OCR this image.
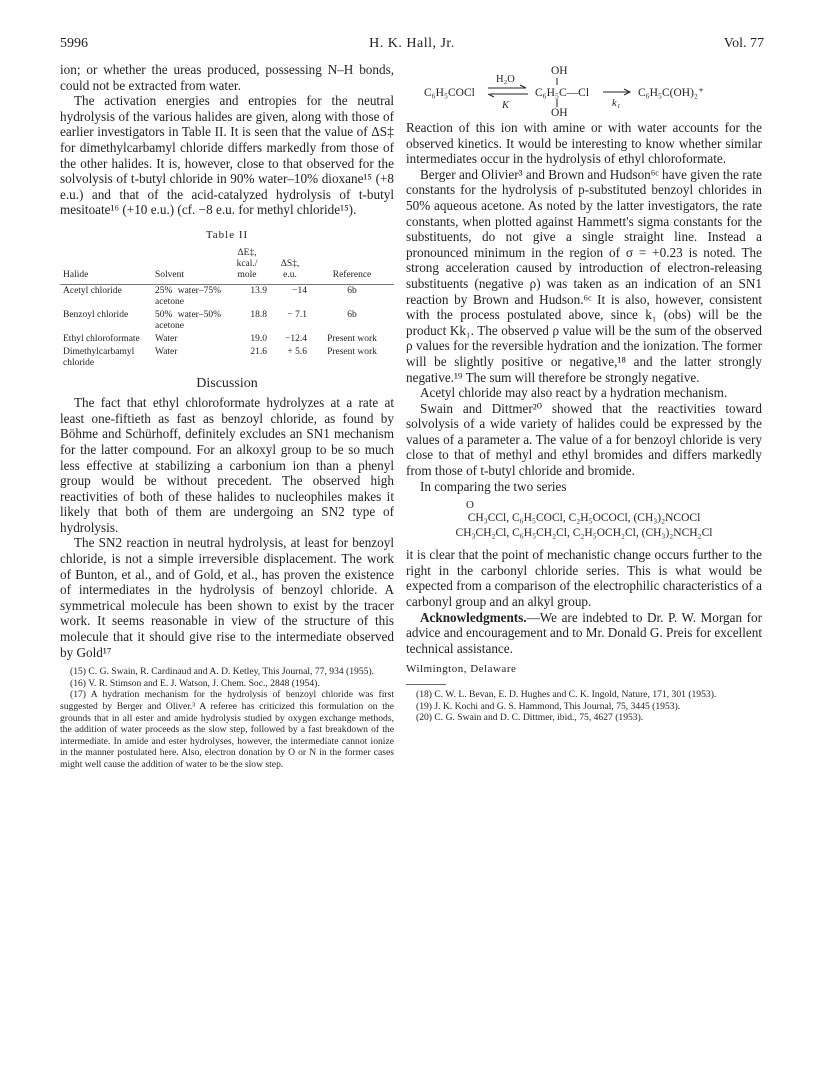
5996	H. K. Hall, Jr.	Vol. 77

ion; or whether the ureas produced, possessing N–H bonds, could not be extracted from water.

The activation energies and entropies for the neutral hydrolysis of the various halides are given, along with those of earlier investigators in Table II. It is seen that the value of ΔS‡ for dimethylcarbamyl chloride differs markedly from those of the other halides. It is, however, close to that observed for the solvolysis of t-butyl chloride in 90% water–10% dioxane¹⁵ (+8 e.u.) and that of the acid-catalyzed hydrolysis of t-butyl mesitoate¹⁶ (+10 e.u.) (cf. −8 e.u. for methyl chloride¹⁵).

Table II
Halide	Solvent	ΔE‡, kcal./ mole	ΔS‡, e.u.	Reference
Acetyl chloride	25% water–75% acetone	13.9	−14	6b
Benzoyl chloride	50% water–50% acetone	18.8	− 7.1	6b
Ethyl chloroformate	Water	19.0	−12.4	Present work
Dimethylcarbamyl chloride	Water	21.6	+ 5.6	Present work
Discussion

The fact that ethyl chloroformate hydrolyzes at a rate at least one-fiftieth as fast as benzoyl chloride, as found by Böhme and Schürhoff, definitely excludes an SN1 mechanism for the latter compound. For an alkoxyl group to be so much less effective at stabilizing a carbonium ion than a phenyl group would be without precedent. The observed high reactivities of both of these halides to nucleophiles makes it likely that both of them are undergoing an SN2 type of hydrolysis.

The SN2 reaction in neutral hydrolysis, at least for benzoyl chloride, is not a simple irreversible displacement. The work of Bunton, et al., and of Gold, et al., has proven the existence of intermediates in the hydrolysis of benzoyl chloride. A symmetrical molecule has been shown to exist by the tracer work. It seems reasonable in view of the structure of this molecule that it should give rise to the intermediate observed by Gold¹⁷

(15) C. G. Swain, R. Cardinaud and A. D. Ketley, This Journal, 77, 934 (1955).

(16) V. R. Stimson and E. J. Watson, J. Chem. Soc., 2848 (1954).

(17) A hydration mechanism for the hydrolysis of benzoyl chloride was first suggested by Berger and Oliver.³ A referee has criticized this formulation on the grounds that in all ester and amide hydrolysis studied by oxygen exchange methods, the addition of water proceeds as the slow step, followed by a fast breakdown of the intermediate. In amide and ester hydrolyses, however, the intermediate cannot ionize in the manner postulated here. Also, electron donation by O or N in the former cases might well cause the addition of water to be the slow step.

C₆H₅COCl
H₂O
K
OH
C₆H₅C—Cl
OH
k₁
C₆H₅C(OH)₂⁺

Reaction of this ion with amine or with water accounts for the observed kinetics. It would be interesting to know whether similar intermediates occur in the hydrolysis of ethyl chloroformate.

Berger and Olivier³ and Brown and Hudson⁶ᶜ have given the rate constants for the hydrolysis of p-substituted benzoyl chlorides in 50% aqueous acetone. As noted by the latter investigators, the rate constants, when plotted against Hammett's sigma constants for the substituents, do not give a single straight line. Instead a pronounced minimum in the region of σ = +0.23 is noted. The strong acceleration caused by introduction of electron-releasing substituents (negative ρ) was taken as an indication of an SN1 reaction by Brown and Hudson.⁶ᶜ It is also, however, consistent with the process postulated above, since k₁ (obs) will be the product Kk₁. The observed ρ value will be the sum of the observed ρ values for the reversible hydration and the ionization. The former will be slightly positive or negative,¹⁸ and the latter strongly negative.¹⁹ The sum will therefore be strongly negative.

Acetyl chloride may also react by a hydration mechanism.

Swain and Dittmer²⁰ showed that the reactivities toward solvolysis of a wide variety of halides could be expressed by the values of a parameter a. The value of a for benzoyl chloride is very close to that of methyl and ethyl bromides and differs markedly from those of t-butyl chloride and bromide.

In comparing the two series

O
CH₃CCl, C₆H₅COCl, C₂H₅OCOCl, (CH₃)₂NCOCl
CH₃CH₂Cl, C₆H₅CH₂Cl, C₂H₅OCH₂Cl, (CH₃)₂NCH₂Cl

it is clear that the point of mechanistic change occurs further to the right in the carbonyl chloride series. This is what would be expected from a comparison of the electrophilic characteristics of a carbonyl group and an alkyl group.

Acknowledgments.—We are indebted to Dr. P. W. Morgan for advice and encouragement and to Mr. Donald G. Preis for excellent technical assistance.

Wilmington, Delaware

(18) C. W. L. Bevan, E. D. Hughes and C. K. Ingold, Nature, 171, 301 (1953).

(19) J. K. Kochi and G. S. Hammond, This Journal, 75, 3445 (1953).

(20) C. G. Swain and D. C. Dittmer, ibid., 75, 4627 (1953).
